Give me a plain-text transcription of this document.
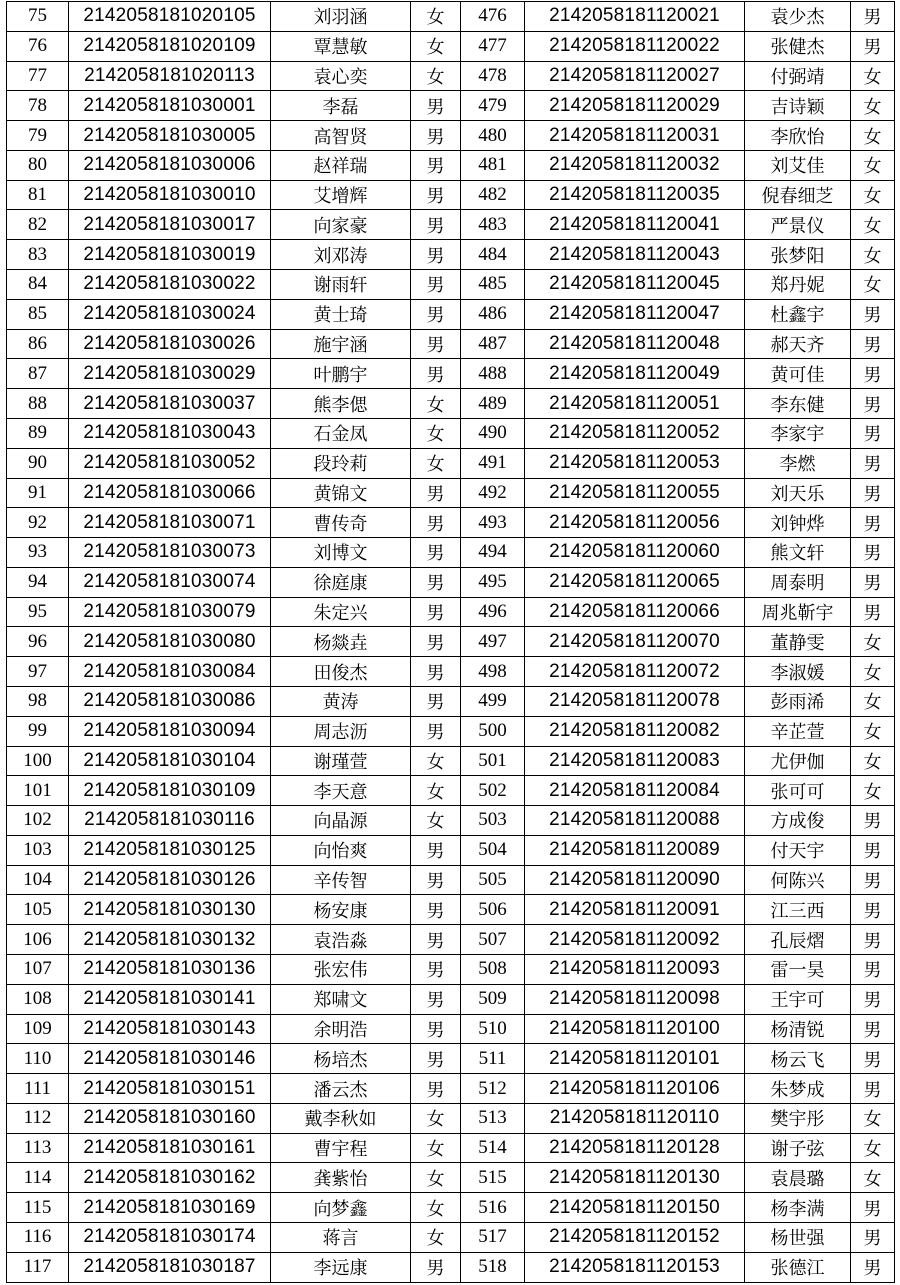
75	2142058181020105	刘羽涵	女	476	2142058181120021	袁少杰	男
76	2142058181020109	覃慧敏	女	477	2142058181120022	张健杰	男
77	2142058181020113	袁心奕	女	478	2142058181120027	付弼靖	女
78	2142058181030001	李磊	男	479	2142058181120029	吉诗颖	女
79	2142058181030005	高智贤	男	480	2142058181120031	李欣怡	女
80	2142058181030006	赵祥瑞	男	481	2142058181120032	刘艾佳	女
81	2142058181030010	艾增辉	男	482	2142058181120035	倪春细芝	女
82	2142058181030017	向家豪	男	483	2142058181120041	严景仪	女
83	2142058181030019	刘邓涛	男	484	2142058181120043	张梦阳	女
84	2142058181030022	谢雨轩	男	485	2142058181120045	郑丹妮	女
85	2142058181030024	黄士琦	男	486	2142058181120047	杜鑫宇	男
86	2142058181030026	施宇涵	男	487	2142058181120048	郝天齐	男
87	2142058181030029	叶鹏宇	男	488	2142058181120049	黄可佳	男
88	2142058181030037	熊李偲	女	489	2142058181120051	李东健	男
89	2142058181030043	石金凤	女	490	2142058181120052	李家宇	男
90	2142058181030052	段玲莉	女	491	2142058181120053	李燃	男
91	2142058181030066	黄锦文	男	492	2142058181120055	刘天乐	男
92	2142058181030071	曹传奇	男	493	2142058181120056	刘钟烨	男
93	2142058181030073	刘博文	男	494	2142058181120060	熊文轩	男
94	2142058181030074	徐庭康	男	495	2142058181120065	周泰明	男
95	2142058181030079	朱定兴	男	496	2142058181120066	周兆靳宇	男
96	2142058181030080	杨燚垚	男	497	2142058181120070	董静雯	女
97	2142058181030084	田俊杰	男	498	2142058181120072	李淑媛	女
98	2142058181030086	黄涛	男	499	2142058181120078	彭雨浠	女
99	2142058181030094	周志沥	男	500	2142058181120082	辛芷萱	女
100	2142058181030104	谢瑾萱	女	501	2142058181120083	尤伊伽	女
101	2142058181030109	李天意	女	502	2142058181120084	张可可	女
102	2142058181030116	向晶源	女	503	2142058181120088	方成俊	男
103	2142058181030125	向怡爽	男	504	2142058181120089	付天宇	男
104	2142058181030126	辛传智	男	505	2142058181120090	何陈兴	男
105	2142058181030130	杨安康	男	506	2142058181120091	江三西	男
106	2142058181030132	袁浩淼	男	507	2142058181120092	孔辰熠	男
107	2142058181030136	张宏伟	男	508	2142058181120093	雷一昊	男
108	2142058181030141	郑啸文	男	509	2142058181120098	王宇可	男
109	2142058181030143	余明浩	男	510	2142058181120100	杨清锐	男
110	2142058181030146	杨培杰	男	511	2142058181120101	杨云飞	男
111	2142058181030151	潘云杰	男	512	2142058181120106	朱梦成	男
112	2142058181030160	戴李秋如	女	513	2142058181120110	樊宇彤	女
113	2142058181030161	曹宇程	女	514	2142058181120128	谢子弦	女
114	2142058181030162	龚紫怡	女	515	2142058181120130	袁晨璐	女
115	2142058181030169	向梦鑫	女	516	2142058181120150	杨李满	男
116	2142058181030174	蒋言	女	517	2142058181120152	杨世强	男
117	2142058181030187	李远康	男	518	2142058181120153	张德江	男
